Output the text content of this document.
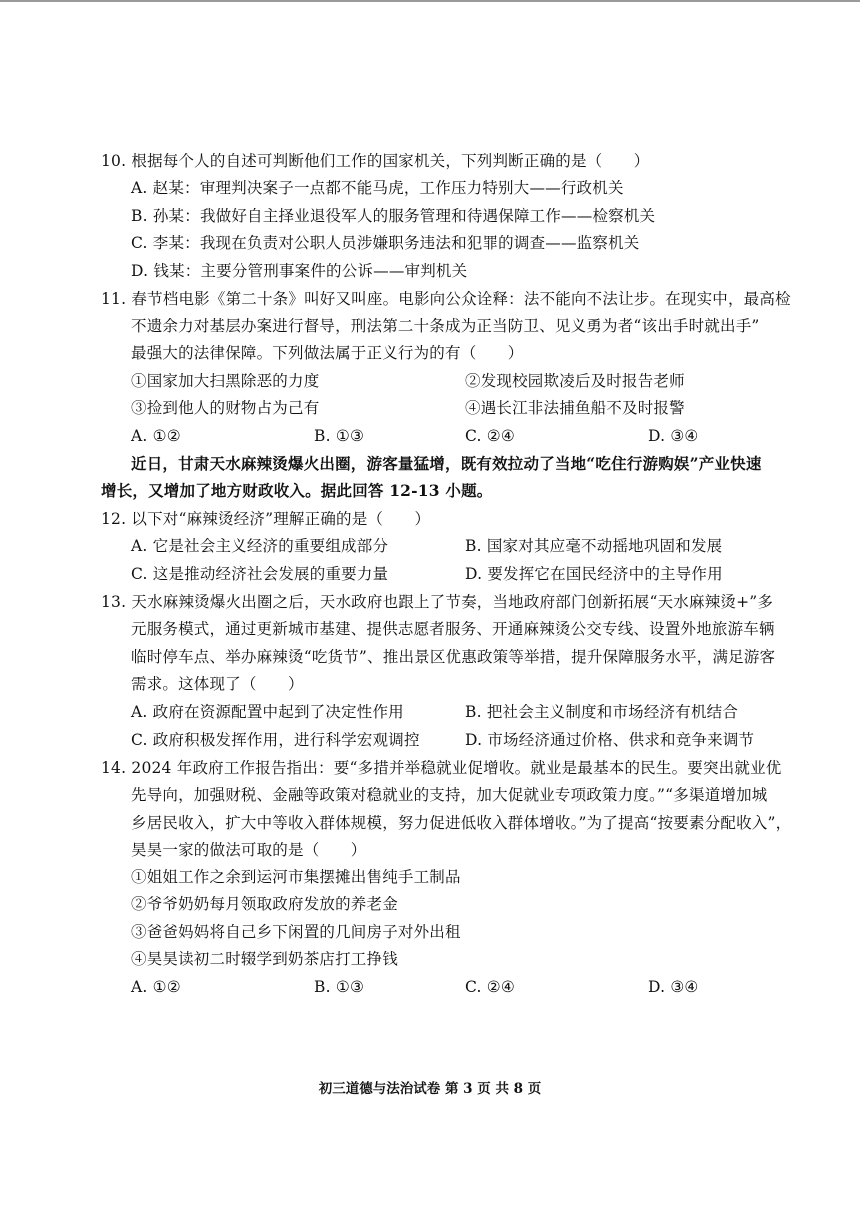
10. 根据每个人的自述可判断他们工作的国家机关，下列判断正确的是（　　）
A. 赵某：审理判决案子一点都不能马虎，工作压力特别大——行政机关
B. 孙某：我做好自主择业退役军人的服务管理和待遇保障工作——检察机关
C. 李某：我现在负责对公职人员涉嫌职务违法和犯罪的调查——监察机关
D. 钱某：主要分管刑事案件的公诉——审判机关
11. 春节档电影《第二十条》叫好又叫座。电影向公众诠释：法不能向不法让步。在现实中，最高检
不遗余力对基层办案进行督导，刑法第二十条成为正当防卫、见义勇为者“该出手时就出手”
最强大的法律保障。下列做法属于正义行为的有（　　）
①国家加大扫黑除恶的力度	②发现校园欺凌后及时报告老师
③捡到他人的财物占为己有	④遇长江非法捕鱼船不及时报警
A. ①②	B. ①③	C. ②④	D. ③④
近日，甘肃天水麻辣烫爆火出圈，游客量猛增，既有效拉动了当地“吃住行游购娱”产业快速
增长，又增加了地方财政收入。据此回答 12-13 小题。
12. 以下对“麻辣烫经济”理解正确的是（　　）
A. 它是社会主义经济的重要组成部分	B. 国家对其应毫不动摇地巩固和发展
C. 这是推动经济社会发展的重要力量	D. 要发挥它在国民经济中的主导作用
13. 天水麻辣烫爆火出圈之后，天水政府也跟上了节奏，当地政府部门创新拓展“天水麻辣烫+”多
元服务模式，通过更新城市基建、提供志愿者服务、开通麻辣烫公交专线、设置外地旅游车辆
临时停车点、举办麻辣烫“吃货节”、推出景区优惠政策等举措，提升保障服务水平，满足游客
需求。这体现了（　　）
A. 政府在资源配置中起到了决定性作用	B. 把社会主义制度和市场经济有机结合
C. 政府积极发挥作用，进行科学宏观调控	D. 市场经济通过价格、供求和竞争来调节
14. 2024 年政府工作报告指出：要“多措并举稳就业促增收。就业是最基本的民生。要突出就业优
先导向，加强财税、金融等政策对稳就业的支持，加大促就业专项政策力度。”“多渠道增加城
乡居民收入，扩大中等收入群体规模，努力促进低收入群体增收。”为了提高“按要素分配收入”，
昊昊一家的做法可取的是（　　）
①姐姐工作之余到运河市集摆摊出售纯手工制品
②爷爷奶奶每月领取政府发放的养老金
③爸爸妈妈将自己乡下闲置的几间房子对外出租
④昊昊读初二时辍学到奶茶店打工挣钱
A. ①②	B. ①③	C. ②④	D. ③④
初三道德与法治试卷 第 3 页 共 8 页
